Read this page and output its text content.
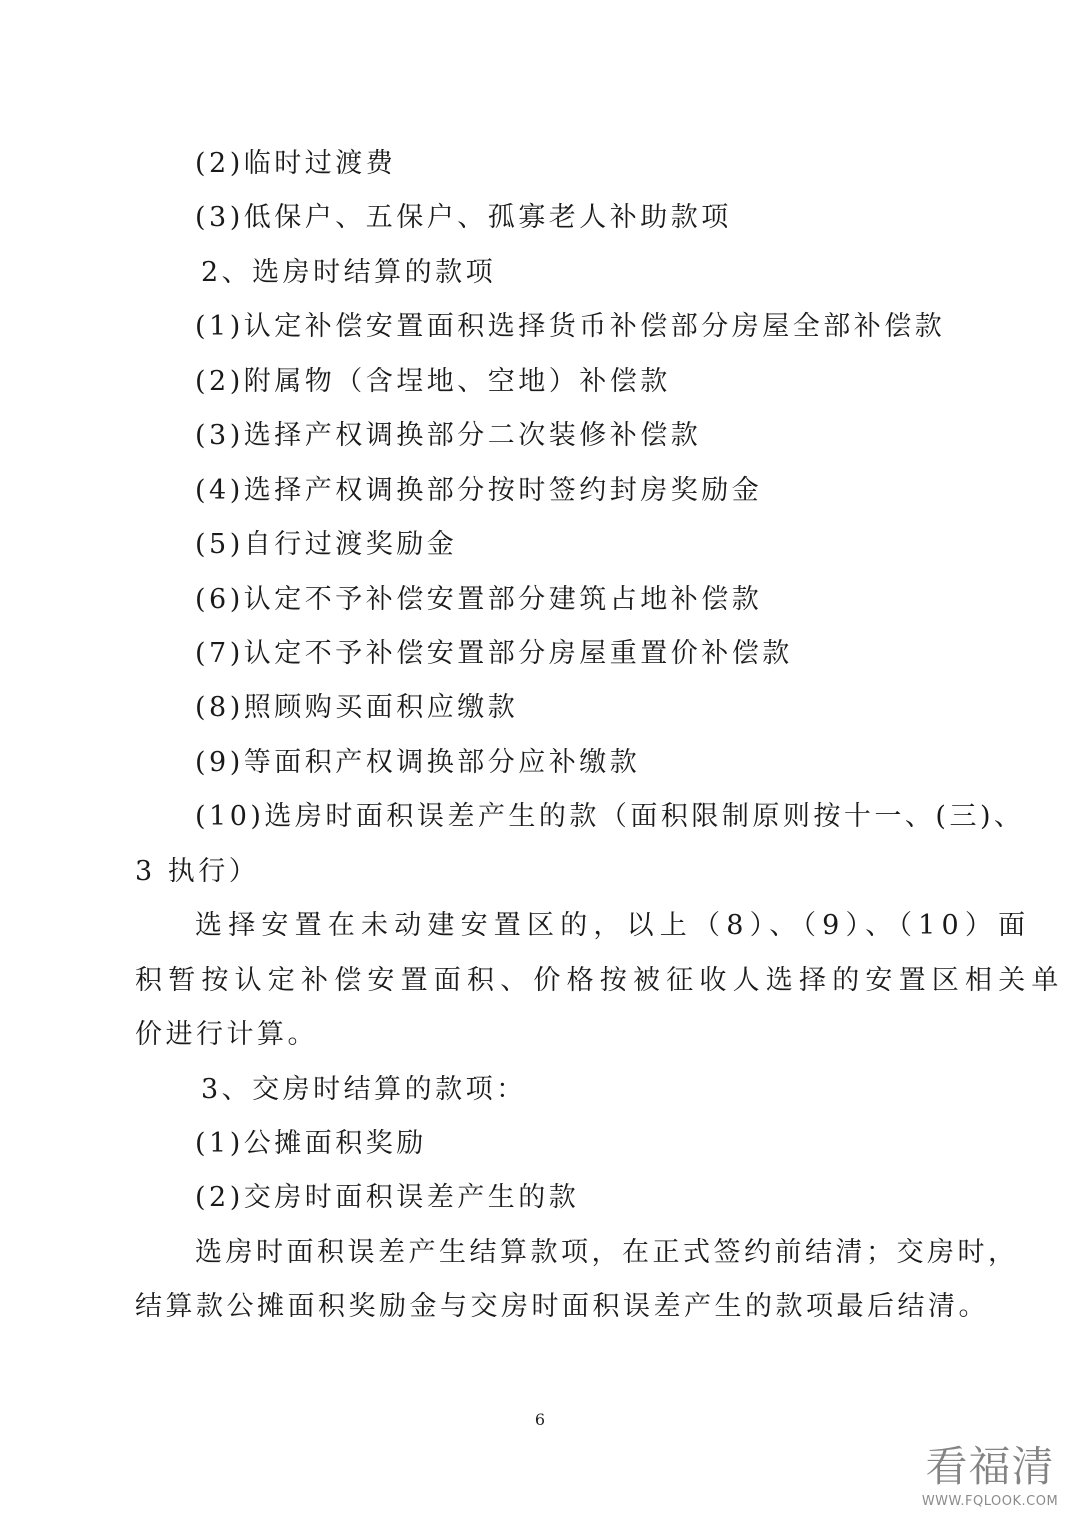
(2)临时过渡费
(3)低保户、五保户、孤寡老人补助款项
2、选房时结算的款项
(1)认定补偿安置面积选择货币补偿部分房屋全部补偿款
(2)附属物（含埕地、空地）补偿款
(3)选择产权调换部分二次装修补偿款
(4)选择产权调换部分按时签约封房奖励金
(5)自行过渡奖励金
(6)认定不予补偿安置部分建筑占地补偿款
(7)认定不予补偿安置部分房屋重置价补偿款
(8)照顾购买面积应缴款
(9)等面积产权调换部分应补缴款
(10)选房时面积误差产生的款（面积限制原则按十一、(三)、
3 执行）
选择安置在未动建安置区的，以上（8）、（9）、（10）面
积暂按认定补偿安置面积、价格按被征收人选择的安置区相关单
价进行计算。
3、交房时结算的款项：
(1)公摊面积奖励
(2)交房时面积误差产生的款
选房时面积误差产生结算款项，在正式签约前结清；交房时，
结算款公摊面积奖励金与交房时面积误差产生的款项最后结清。
6
看福清
WWW.FQLOOK.COM
